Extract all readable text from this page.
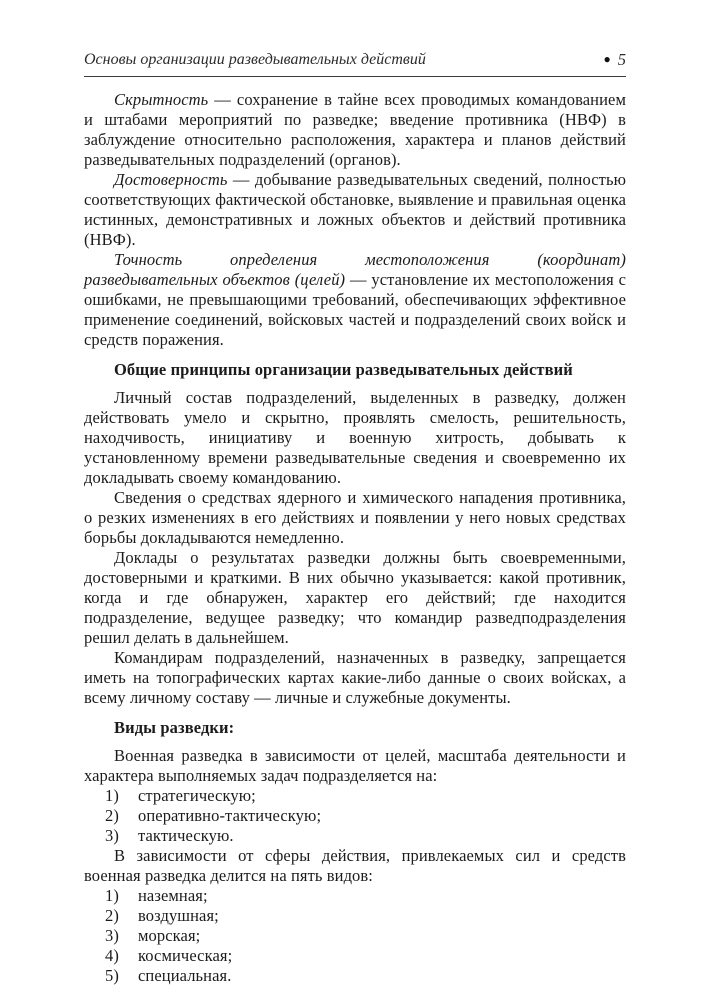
Основы организации разведывательных действий	● 5

Скрытность — сохранение в тайне всех проводимых командованием и штабами мероприятий по разведке; введение противника (НВФ) в заблуждение относительно расположения, характера и планов действий разведывательных подразделений (органов).

Достоверность — добывание разведывательных сведений, полностью соответствующих фактической обстановке, выявление и правильная оценка истинных, демонстративных и ложных объектов и действий противника (НВФ).

Точность определения местоположения (координат) разведывательных объектов (целей) — установление их местоположения с ошибками, не превышающими требований, обеспечивающих эффективное применение соединений, войсковых частей и подразделений своих войск и средств поражения.

Общие принципы организации разведывательных действий

Личный состав подразделений, выделенных в разведку, должен действовать умело и скрытно, проявлять смелость, решительность, находчивость, инициативу и военную хитрость, добывать к установленному времени разведывательные сведения и своевременно их докладывать своему командованию.

Сведения о средствах ядерного и химического нападения противника, о резких изменениях в его действиях и появлении у него новых средствах борьбы докладываются немедленно.

Доклады о результатах разведки должны быть своевременными, достоверными и краткими. В них обычно указывается: какой противник, когда и где обнаружен, характер его действий; где находится подразделение, ведущее разведку; что командир разведподразделения решил делать в дальнейшем.

Командирам подразделений, назначенных в разведку, запрещается иметь на топографических картах какие-либо данные о своих войсках, а всему личному составу — личные и служебные документы.

Виды разведки:

Военная разведка в зависимости от целей, масштаба деятельности и характера выполняемых задач подразделяется на:

1)	стратегическую;
2)	оперативно-тактическую;
3)	тактическую.

В зависимости от сферы действия, привлекаемых сил и средств военная разведка делится на пять видов:

1)	наземная;
2)	воздушная;
3)	морская;
4)	космическая;
5)	специальная.
